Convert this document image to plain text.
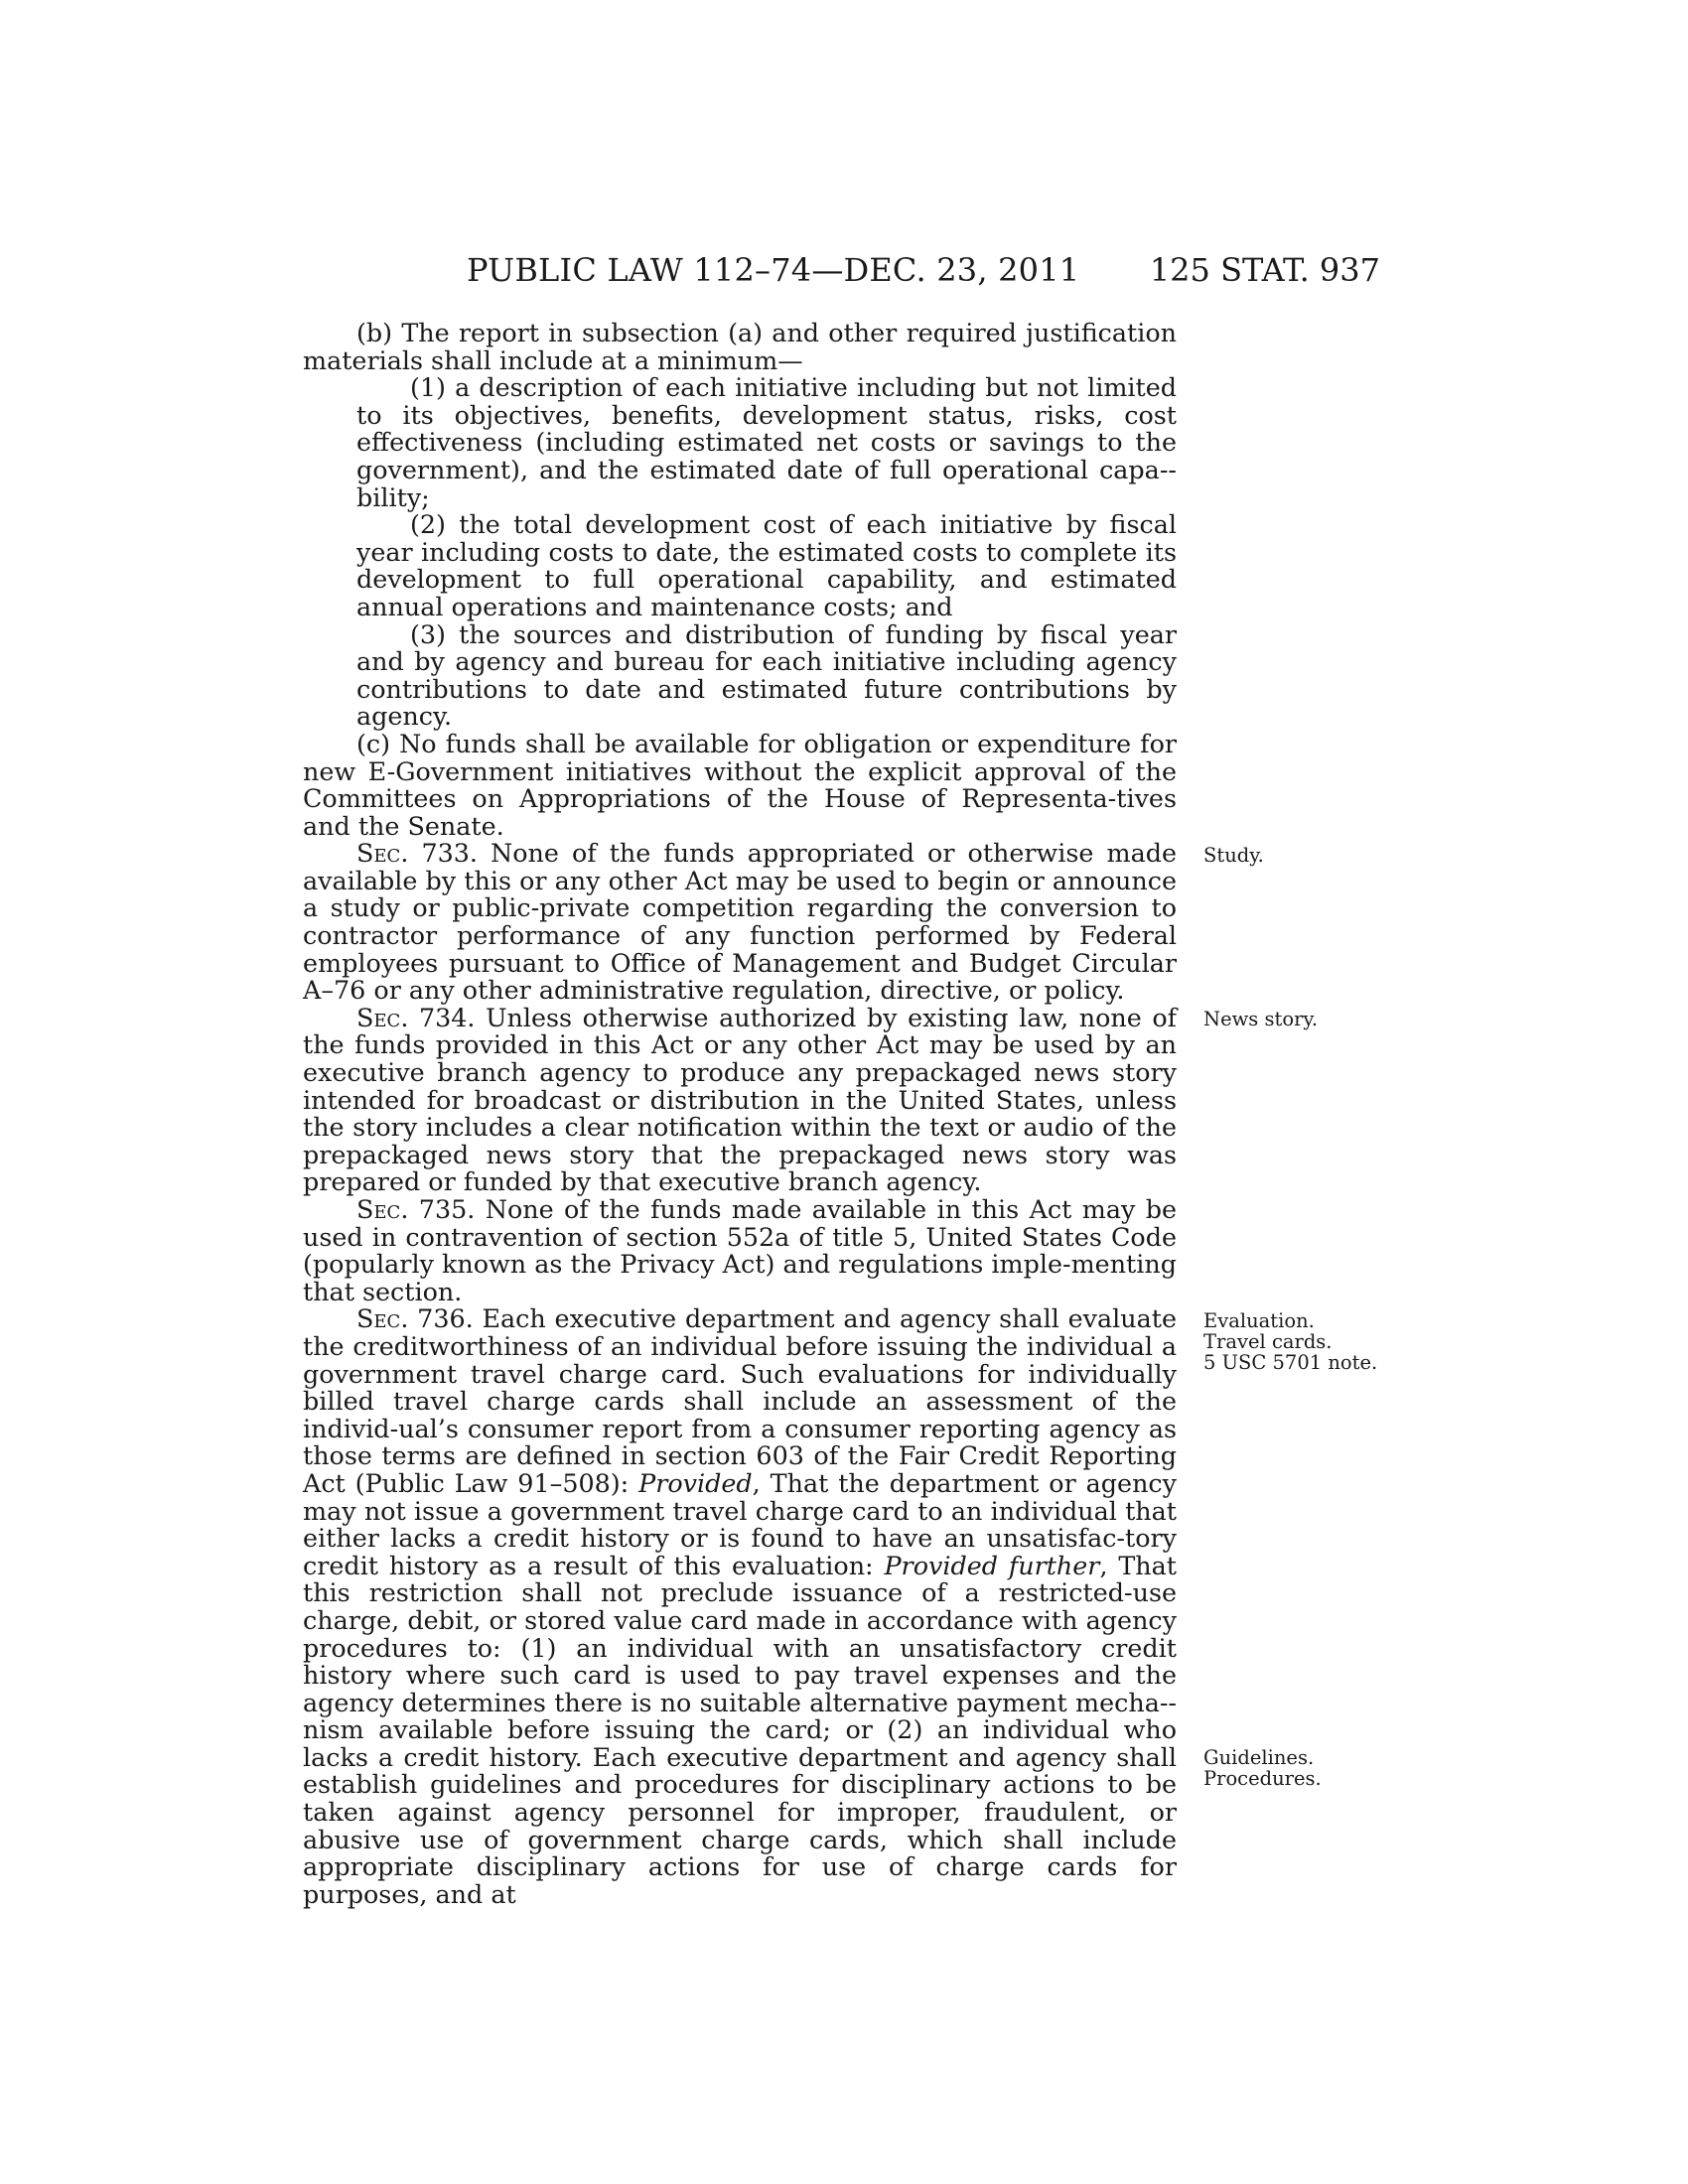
PUBLIC LAW 112–74—DEC. 23, 2011 125 STAT. 937

(b) The report in subsection (a) and other required justification materials shall include at a minimum—

(1) a description of each initiative including but not limited to its objectives, benefits, development status, risks, cost effectiveness (including estimated net costs or savings to the government), and the estimated date of full operational capa-bility;

(2) the total development cost of each initiative by fiscal year including costs to date, the estimated costs to complete its development to full operational capability, and estimated annual operations and maintenance costs; and

(3) the sources and distribution of funding by fiscal year and by agency and bureau for each initiative including agency contributions to date and estimated future contributions by agency.

(c) No funds shall be available for obligation or expenditure for new E-Government initiatives without the explicit approval of the Committees on Appropriations of the House of Representa-tives and the Senate.

Sec. 733. None of the funds appropriated or otherwise made available by this or any other Act may be used to begin or announce a study or public-private competition regarding the conversion to contractor performance of any function performed by Federal employees pursuant to Office of Management and Budget Circular A–76 or any other administrative regulation, directive, or policy.

Sec. 734. Unless otherwise authorized by existing law, none of the funds provided in this Act or any other Act may be used by an executive branch agency to produce any prepackaged news story intended for broadcast or distribution in the United States, unless the story includes a clear notification within the text or audio of the prepackaged news story that the prepackaged news story was prepared or funded by that executive branch agency.

Sec. 735. None of the funds made available in this Act may be used in contravention of section 552a of title 5, United States Code (popularly known as the Privacy Act) and regulations imple-menting that section.

Sec. 736. Each executive department and agency shall evaluate the creditworthiness of an individual before issuing the individual a government travel charge card. Such evaluations for individually billed travel charge cards shall include an assessment of the individ-ual’s consumer report from a consumer reporting agency as those terms are defined in section 603 of the Fair Credit Reporting Act (Public Law 91–508): Provided, That the department or agency may not issue a government travel charge card to an individual that either lacks a credit history or is found to have an unsatisfac-tory credit history as a result of this evaluation: Provided further, That this restriction shall not preclude issuance of a restricted-use charge, debit, or stored value card made in accordance with agency procedures to: (1) an individual with an unsatisfactory credit history where such card is used to pay travel expenses and the agency determines there is no suitable alternative payment mecha-nism available before issuing the card; or (2) an individual who lacks a credit history. Each executive department and agency shall establish guidelines and procedures for disciplinary actions to be taken against agency personnel for improper, fraudulent, or abusive use of government charge cards, which shall include appropriate disciplinary actions for use of charge cards for purposes, and at

Study.
News story.
Evaluation.
Travel cards.
5 USC 5701 note.
Guidelines.
Procedures.
